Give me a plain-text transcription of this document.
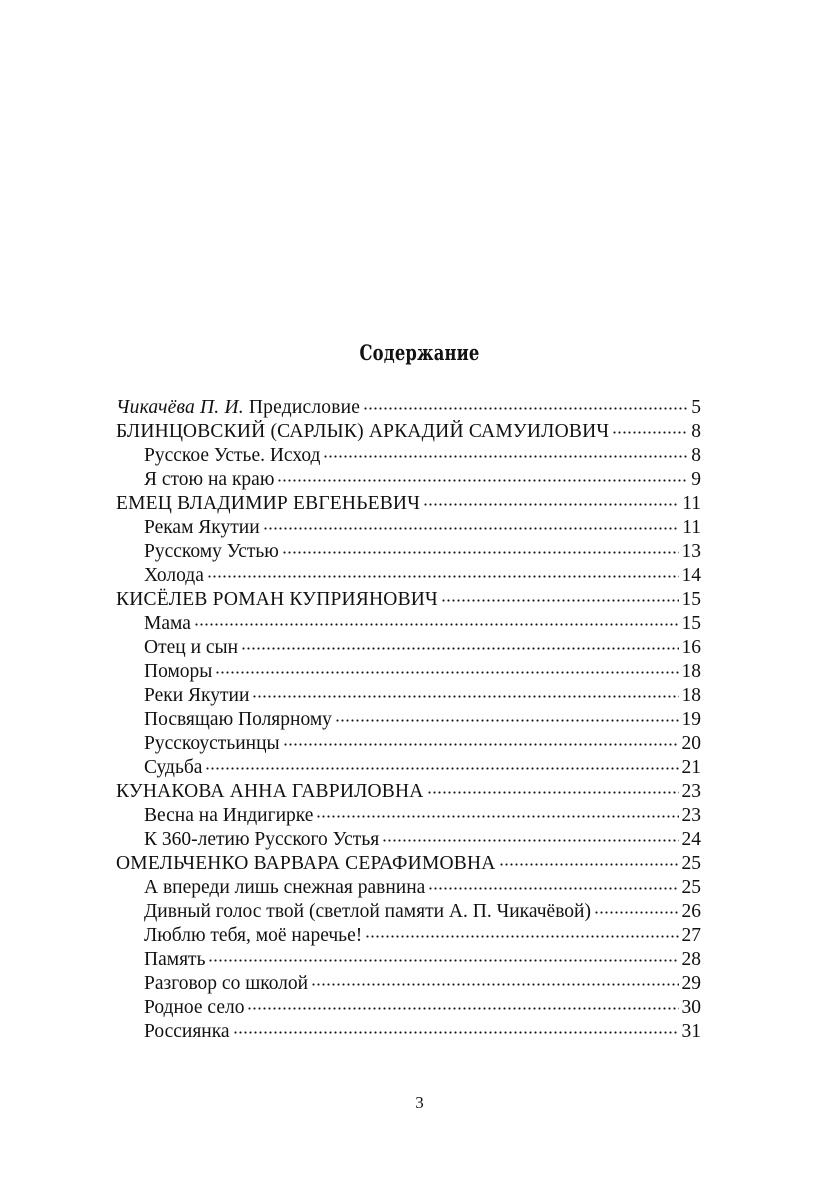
Содержание
Чикачёва П. И. Предисловие	5
БЛИНЦОВСКИЙ (САРЛЫК) АРКАДИЙ САМУИЛОВИЧ	8
Русское Устье. Исход	8
Я стою на краю	9
ЕМЕЦ ВЛАДИМИР ЕВГЕНЬЕВИЧ	11
Рекам Якутии	11
Русскому Устью	13
Холода	14
КИСЁЛЕВ РОМАН КУПРИЯНОВИЧ	15
Мама	15
Отец и сын	16
Поморы	18
Реки Якутии	18
Посвящаю Полярному	19
Русскоустьинцы	20
Судьба	21
КУНАКОВА АННА ГАВРИЛОВНА	23
Весна на Индигирке	23
К 360-летию Русского Устья	24
ОМЕЛЬЧЕНКО ВАРВАРА СЕРАФИМОВНА	25
А впереди лишь снежная равнина	25
Дивный голос твой (светлой памяти А. П. Чикачёвой)	26
Люблю тебя, моё наречье!	27
Память	28
Разговор со школой	29
Родное село	30
Россиянка	31
3
